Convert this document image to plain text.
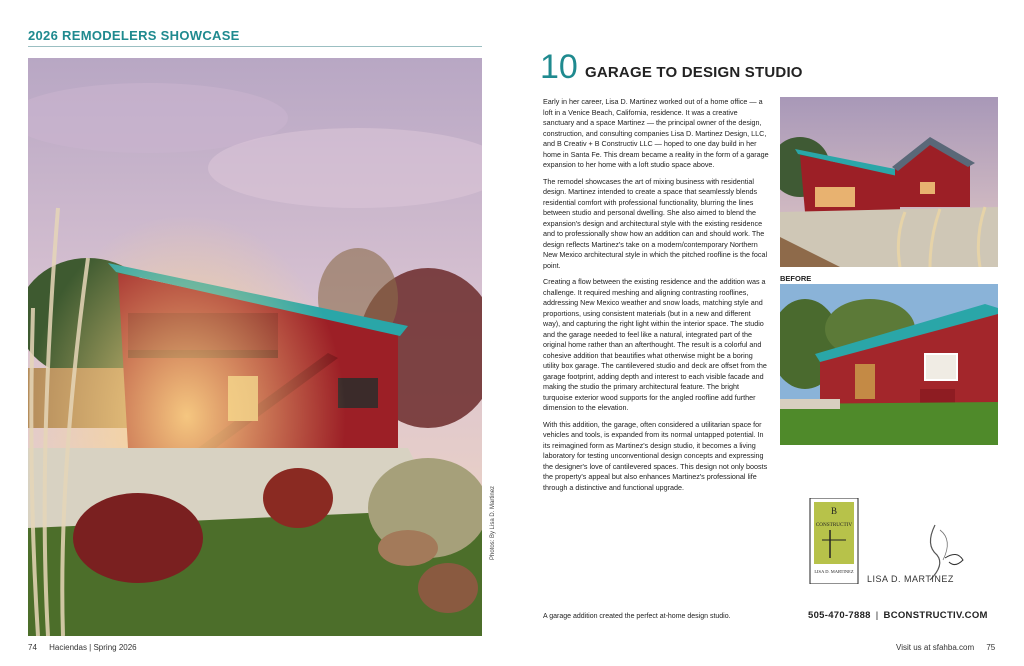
2026 REMODELERS SHOWCASE
Photos: By Lisa D. Martinez
74 Haciendas | Spring 2026
10 GARAGE TO DESIGN STUDIO

Early in her career, Lisa D. Martinez worked out of a home office — a loft in a Venice Beach, California, residence. It was a creative sanctuary and a space Martinez — the principal owner of the design, construction, and consulting companies Lisa D. Martinez Design, LLC, and B Creativ + B Constructiv LLC — hoped to one day build in her home in Santa Fe. This dream became a reality in the form of a garage expansion to her home with a loft studio space above.

The remodel showcases the art of mixing business with residential design. Martinez intended to create a space that seamlessly blends residential comfort with professional functionality, blurring the lines between studio and personal dwelling. She also aimed to blend the expansion's design and architectural style with the existing residence and to professionally show how an addition can and should work. The design reflects Martinez's take on a modern/contemporary Northern New Mexico architectural style in which the pitched roofline is the focal point.

Creating a flow between the existing residence and the addition was a challenge. It required meshing and aligning contrasting rooflines, addressing New Mexico weather and snow loads, matching style and proportions, using consistent materials (but in a new and different way), and capturing the right light within the interior space. The studio and the garage needed to feel like a natural, integrated part of the original home rather than an afterthought. The result is a colorful and cohesive addition that beautifies what otherwise might be a boring utility box garage. The cantilevered studio and deck are offset from the garage footprint, adding depth and interest to each visible facade and making the studio the primary architectural feature. The bright turquoise exterior wood supports for the angled roofline add further dimension to the elevation.

With this addition, the garage, often considered a utilitarian space for vehicles and tools, is expanded from its normal untapped potential. In its reimagined form as Martinez's design studio, it becomes a living laboratory for testing unconventional design concepts and expressing the designer's love of cantilevered spaces. This design not only boosts the property's appeal but also enhances Martinez's professional life through a distinctive and functional upgrade.

BEFORE
B
CONSTRUCTIV
LISA D. MARTINEZ
LISA D. MARTINEZ
A garage addition created the perfect at-home design studio.	505-470-7888 | BCONSTRUCTIV.COM
Visit us at sfahba.com 75
